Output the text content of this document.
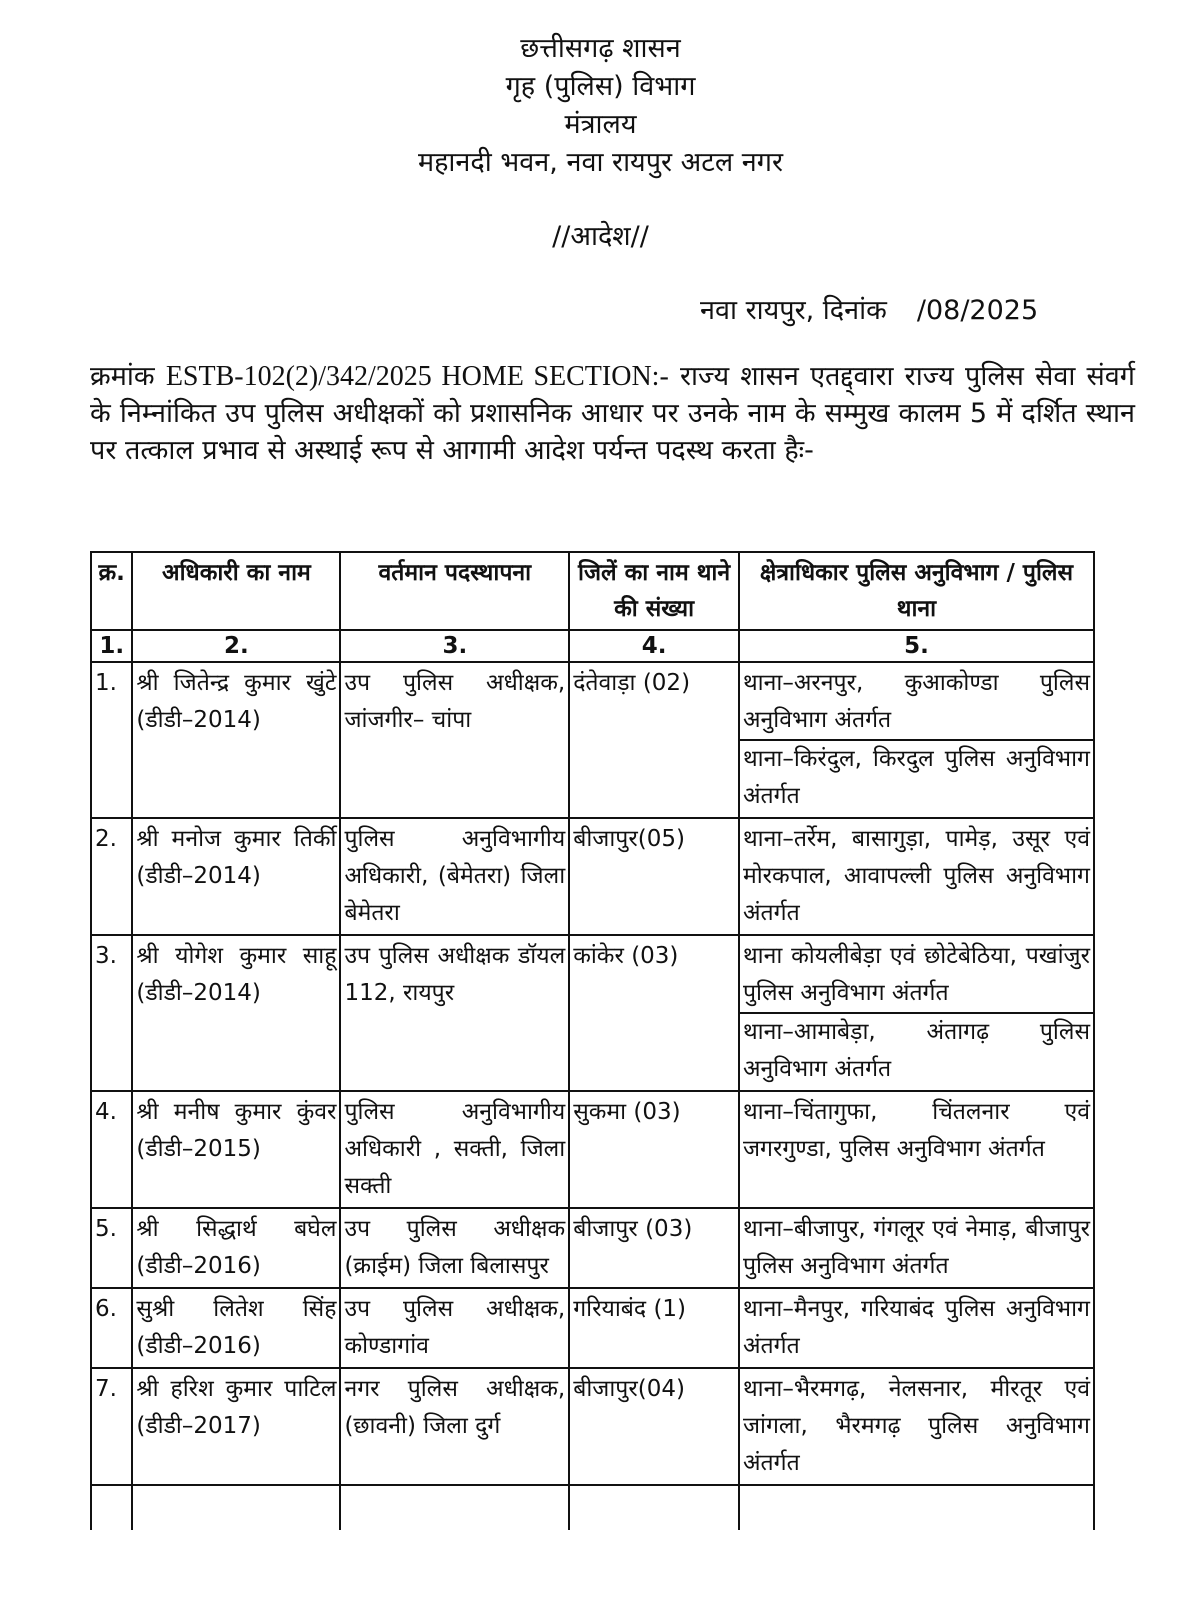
छत्तीसगढ़ शासन
गृह (पुलिस) विभाग
मंत्रालय
महानदी भवन, नवा रायपुर अटल नगर
//आदेश//
नवा रायपुर, दिनांक /08/2025
क्रमांक ESTB-102(2)/342/2025 HOME SECTION:- राज्य शासन एतद्द्वारा राज्य पुलिस सेवा संवर्ग के निम्नांकित उप पुलिस अधीक्षकों को प्रशासनिक आधार पर उनके नाम के सम्मुख कालम 5 में दर्शित स्थान पर तत्काल प्रभाव से अस्थाई रूप से आगामी आदेश पर्यन्त पदस्थ करता हैः-
क्र.	अधिकारी का नाम	वर्तमान पदस्थापना	जिलें का नाम थाने की संख्या	क्षेत्राधिकार पुलिस अनुविभाग / पुलिस थाना
1.	2.	3.	4.	5.
1.	श्री जितेन्द्र कुमार खुंटे (डीडी–2014)	उप पुलिस अधीक्षक, जांजगीर– चांपा	दंतेवाड़ा (02)	थाना–अरनपुर, कुआकोण्डा पुलिस अनुविभाग अंतर्गत
थाना–किरंदुल, किरदुल पुलिस अनुविभाग अंतर्गत

2.	श्री मनोज कुमार तिर्की (डीडी–2014)	पुलिस अनुविभागीय अधिकारी, (बेमेतरा) जिला बेमेतरा	बीजापुर(05)	थाना–तर्रेम, बासागुड़ा, पामेड़, उसूर एवं मोरकपाल, आवापल्ली पुलिस अनुविभाग अंतर्गत

3.	श्री योगेश कुमार साहू (डीडी–2014)	उप पुलिस अधीक्षक डॉयल 112, रायपुर	कांकेर (03)	थाना कोयलीबेड़ा एवं छोटेबेठिया, पखांजुर पुलिस अनुविभाग अंतर्गत
थाना–आमाबेड़ा, अंतागढ़ पुलिस अनुविभाग अंतर्गत

4.	श्री मनीष कुमार कुंवर (डीडी–2015)	पुलिस अनुविभागीय अधिकारी , सक्ती, जिला सक्ती	सुकमा (03)	थाना–चिंतागुफा, चिंतलनार एवं जगरगुण्डा, पुलिस अनुविभाग अंतर्गत

5.	श्री सिद्धार्थ बघेल (डीडी–2016)	उप पुलिस अधीक्षक (क्राईम) जिला बिलासपुर	बीजापुर (03)	थाना–बीजापुर, गंगलूर एवं नेमाड़, बीजापुर पुलिस अनुविभाग अंतर्गत

6.	सुश्री लितेश सिंह (डीडी–2016)	उप पुलिस अधीक्षक, कोण्डागांव	गरियाबंद (1)	थाना–मैनपुर, गरियाबंद पुलिस अनुविभाग अंतर्गत

7.	श्री हरिश कुमार पाटिल (डीडी–2017)	नगर पुलिस अधीक्षक, (छावनी) जिला दुर्ग	बीजापुर(04)	थाना–भैरमगढ़, नेलसनार, मीरतूर एवं जांगला, भैरमगढ़ पुलिस अनुविभाग अंतर्गत
